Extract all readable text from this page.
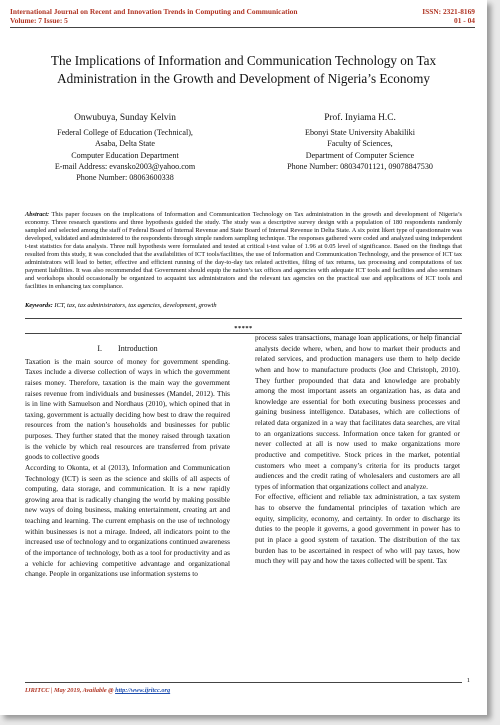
International Journal on Recent and Innovation Trends in Computing and Communication
Volume: 7 Issue: 5
ISSN: 2321-8169
01 - 04
The Implications of Information and Communication Technology on Tax
Administration in the Growth and Development of Nigeria’s Economy
Onwubuya, Sunday Kelvin
Federal College of Education (Technical),
Asaba, Delta State
Computer Education Department
E-mail Address: evansko2003@yahoo.com
Phone Number: 08063600338
Prof. Inyiama H.C.
Ebonyi State University Abakiliki
Faculty of Sciences,
Department of Computer Science
Phone Number: 08034701121, 09078847530
Abstract: This paper focuses on the implications of Information and Communication Technology on Tax administration in the growth and development of Nigeria’s economy. Three research questions and three hypothesis guided the study. The study was a descriptive survey design with a population of 180 respondents randomly sampled and selected among the staff of Federal Board of Internal Revenue and State Board of Internal Revenue in Delta State. A six point likert type of questionnaire was developed, validated and administered to the respondents through simple random sampling technique. The responses gathered were coded and analyzed using independent t-test statistics for data analysis. Three null hypothesis were formulated and tested at critical t-test value of 1.96 at 0.05 level of significance. Based on the findings that resulted from this study, it was concluded that the availabilities of ICT tools/facilities, the use of Information and Communication Technology, and the presence of ICT tax administrators will lead to better, effective and efficient running of the day-to-day tax related activities, filing of tax returns, tax processing and computations of tax payment liabilities. It was also recommended that Government should equip the nation’s tax offices and agencies with adequate ICT tools and facilities and also seminars and workshops should occasionally be organized to acquaint tax administrators and the relevant tax agencies on the practical use and applications of ICT tools and facilities in enhancing tax compliance.
Keywords: ICT, tax, tax administrators, tax agencies, development, growth
*****
I.        Introduction

Taxation is the main source of money for government spending. Taxes include a diverse collection of ways in which the government raises money. Therefore, taxation is the main way the government raises revenue from individuals and businesses (Mandel, 2012). This is in line with Samuelson and Nordhaus (2010), which opined that in taxing, government is actually deciding how best to draw the required resources from the nation’s households and businesses for public purposes. They further stated that the money raised through taxation is the vehicle by which real resources are transferred from private goods to collective goods

According to Okonta, et al (2013), Information and Communication Technology (ICT) is seen as the science and skills of all aspects of computing, data storage, and communication. It is a new rapidly growing area that is radically changing the world by making possible new ways of doing business, making entertainment, creating art and teaching and learning. The current emphasis on the use of technology within businesses is not a mirage. Indeed, all indicators point to the increased use of technology and to organizations continued awareness of the importance of technology, both as a tool for productivity and as a vehicle for achieving competitive advantage and organizational change. People in organizations use information systems to

process sales transactions, manage loan applications, or help financial analysts decide where, when, and how to market their products and related services, and production managers use them to help decide when and how to manufacture products (Joe and Christoph, 2010). They further propounded that data and knowledge are probably among the most important assets an organization has, as data and knowledge are essential for both executing business processes and gaining business intelligence. Databases, which are collections of related data organized in a way that facilitates data searches, are vital to an organizations success. Information once taken for granted or never collected at all is now used to make organizations more productive and competitive. Stock prices in the market, potential customers who meet a company’s criteria for its products target audiences and the credit rating of wholesalers and customers are all types of information that organizations collect and analyze.

For effective, efficient and reliable tax administration, a tax system has to observe the fundamental principles of taxation which are equity, simplicity, economy, and certainty. In order to discharge its duties to the people it governs, a good government in power has to put in place a good system of taxation. The distribution of the tax burden has to be ascertained in respect of who will pay taxes, how much they will pay and how the taxes collected will be spent. Tax

IJRITCC | May 2019, Available @ http://www.ijritcc.org
1
